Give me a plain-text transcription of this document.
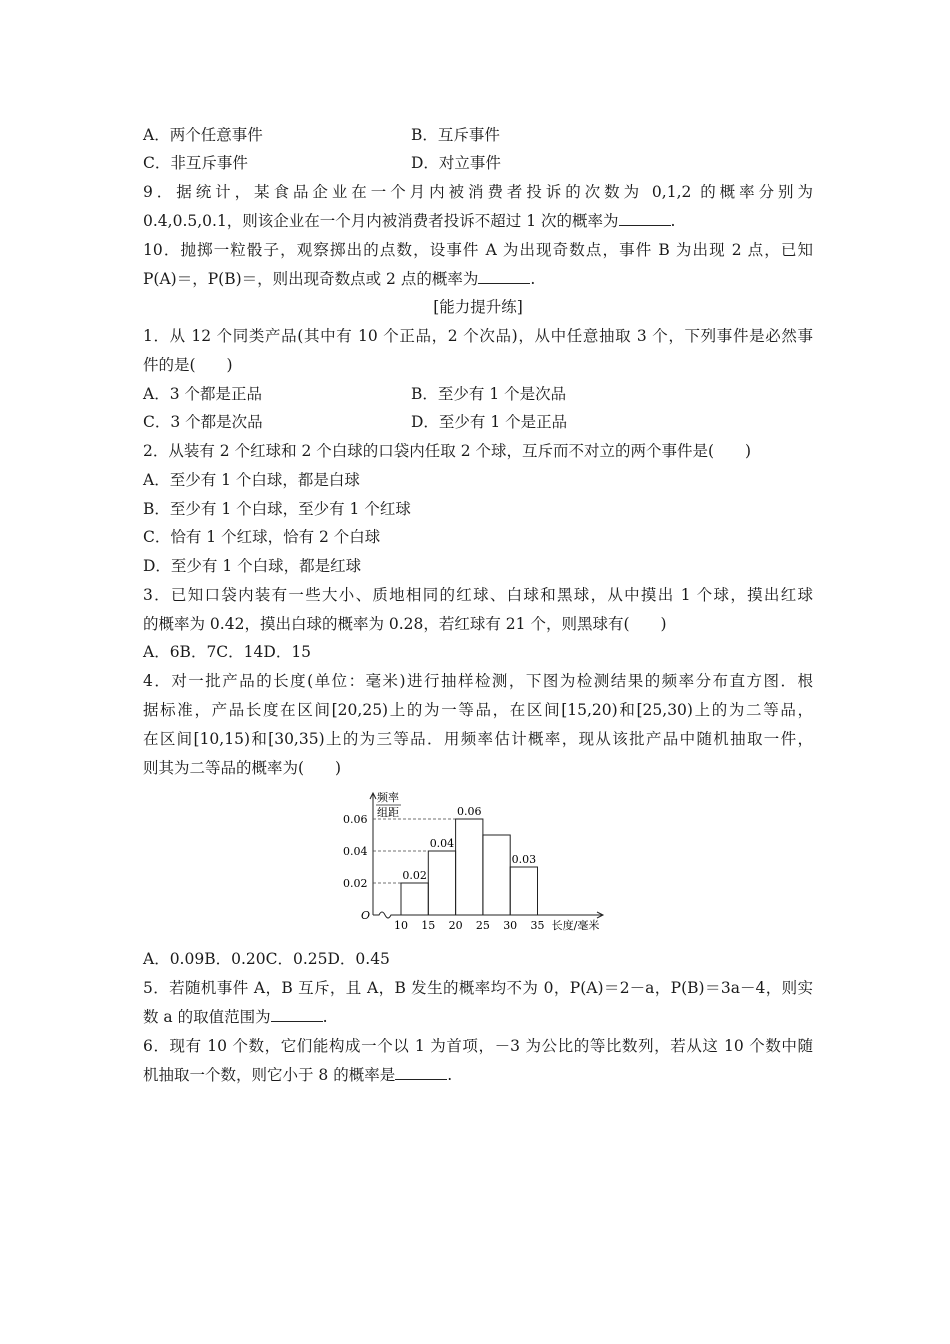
A．两个任意事件	B．互斥事件
C．非互斥事件	D．对立事件
9．据统计，某食品企业在一个月内被消费者投诉的次数为 0,1,2 的概率分别为
0.4,0.5,0.1，则该企业在一个月内被消费者投诉不超过 1 次的概率为	.
10．抛掷一粒骰子，观察掷出的点数，设事件 A 为出现奇数点，事件 B 为出现 2 点，已知
P(A)＝，P(B)＝，则出现奇数点或 2 点的概率为	.
[能力提升练]
1．从 12 个同类产品(其中有 10 个正品，2 个次品)，从中任意抽取 3 个，下列事件是必然事
件的是(　　)
A．3 个都是正品	B．至少有 1 个是次品
C．3 个都是次品	D．至少有 1 个是正品
2．从装有 2 个红球和 2 个白球的口袋内任取 2 个球，互斥而不对立的两个事件是(　　)
A．至少有 1 个白球，都是白球
B．至少有 1 个白球，至少有 1 个红球
C．恰有 1 个红球，恰有 2 个白球
D．至少有 1 个白球，都是红球
3．已知口袋内装有一些大小、质地相同的红球、白球和黑球，从中摸出 1 个球，摸出红球
的概率为 0.42，摸出白球的概率为 0.28，若红球有 21 个，则黑球有(　　)
A．6B．7C．14D．15
4．对一批产品的长度(单位：毫米)进行抽样检测，下图为检测结果的频率分布直方图．根
据标准，产品长度在区间[20,25)上的为一等品，在区间[15,20)和[25,30)上的为二等品，
在区间[10,15)和[30,35)上的为三等品．用频率估计概率，现从该批产品中随机抽取一件，
则其为二等品的概率为(　　)
频率
组距
O
0.02
0.04
0.06
0.02
0.04
0.06
0.03
10 15 20 25 30 35 长度/毫米
A．0.09B．0.20C．0.25D．0.45
5．若随机事件 A，B 互斥，且 A，B 发生的概率均不为 0，P(A)＝2－a，P(B)＝3a－4，则实
数 a 的取值范围为	.
6．现有 10 个数，它们能构成一个以 1 为首项，－3 为公比的等比数列，若从这 10 个数中随
机抽取一个数，则它小于 8 的概率是	.
